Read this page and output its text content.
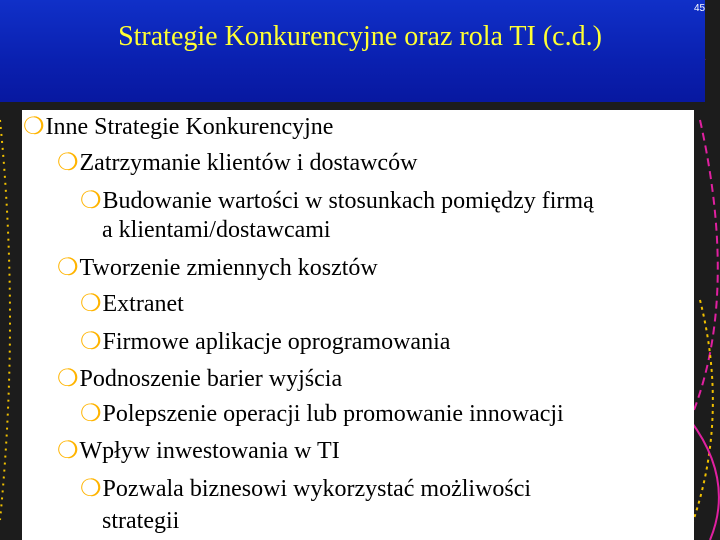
Strategie Konkurencyjne oraz rola TI (c.d.)
45
❍Inne Strategie Konkurencyjne
❍Zatrzymanie klientów i dostawców
❍Budowanie wartości w stosunkach pomiędzy firmą
a klientami/dostawcami
❍Tworzenie zmiennych kosztów
❍Extranet
❍Firmowe aplikacje oprogramowania
❍Podnoszenie barier wyjścia
❍Polepszenie operacji lub promowanie innowacji
❍Wpływ inwestowania w TI
❍Pozwala biznesowi wykorzystać możliwości
strategii
